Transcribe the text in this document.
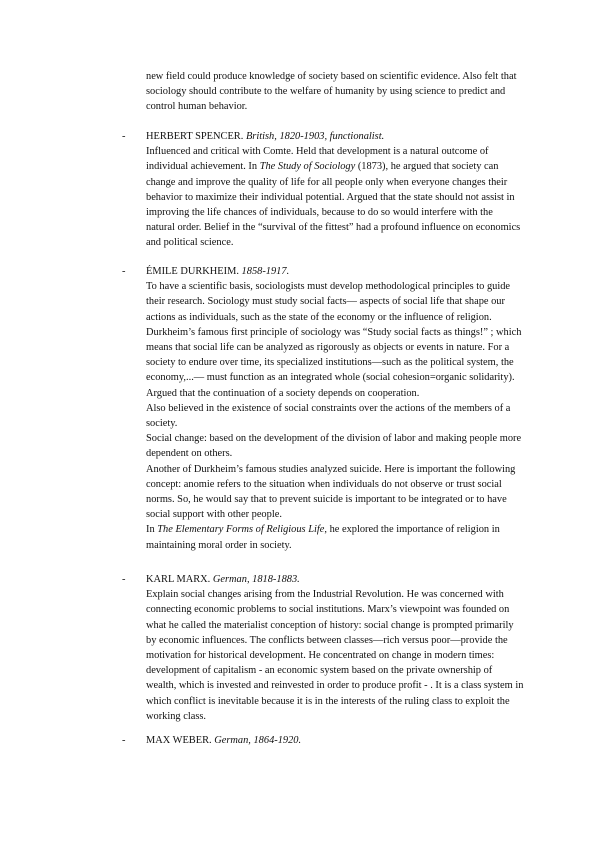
new field could produce knowledge of society based on scientific evidence. Also felt that sociology should contribute to the welfare of humanity by using science to predict and control human behavior.

- HERBERT SPENCER. British, 1820-1903, functionalist.

Influenced and critical with Comte. Held that development is a natural outcome of individual achievement. In The Study of Sociology (1873), he argued that society can change and improve the quality of life for all people only when everyone changes their behavior to maximize their individual potential. Argued that the state should not assist in improving the life chances of individuals, because to do so would interfere with the natural order. Belief in the “survival of the fittest” had a profound influence on economics and political science.

- ÉMILE DURKHEIM. 1858-1917.

To have a scientific basis, sociologists must develop methodological principles to guide their research. Sociology must study social facts— aspects of social life that shape our actions as individuals, such as the state of the economy or the influence of religion. Durkheim’s famous first principle of sociology was “Study social facts as things!” ; which means that social life can be analyzed as rigorously as objects or events in nature. For a society to endure over time, its specialized institutions—such as the political system, the economy,...— must function as an integrated whole (social cohesion=organic solidarity). Argued that the continuation of a society depends on cooperation.

Also believed in the existence of social constraints over the actions of the members of a society.

Social change: based on the development of the division of labor and making people more dependent on others.

Another of Durkheim’s famous studies analyzed suicide. Here is important the following concept: anomie refers to the situation when individuals do not observe or trust social norms. So, he would say that to prevent suicide is important to be integrated or to have social support with other people.

In The Elementary Forms of Religious Life, he explored the importance of religion in maintaining moral order in society.

- KARL MARX. German, 1818-1883.

Explain social changes arising from the Industrial Revolution. He was concerned with connecting economic problems to social institutions. Marx’s viewpoint was founded on what he called the materialist conception of history: social change is prompted primarily by economic influences. The conflicts between classes—rich versus poor—provide the motivation for historical development. He concentrated on change in modern times: development of capitalism - an economic system based on the private ownership of wealth, which is invested and reinvested in order to produce profit - . It is a class system in which conflict is inevitable because it is in the interests of the ruling class to exploit the working class.

- MAX WEBER. German, 1864-1920.
